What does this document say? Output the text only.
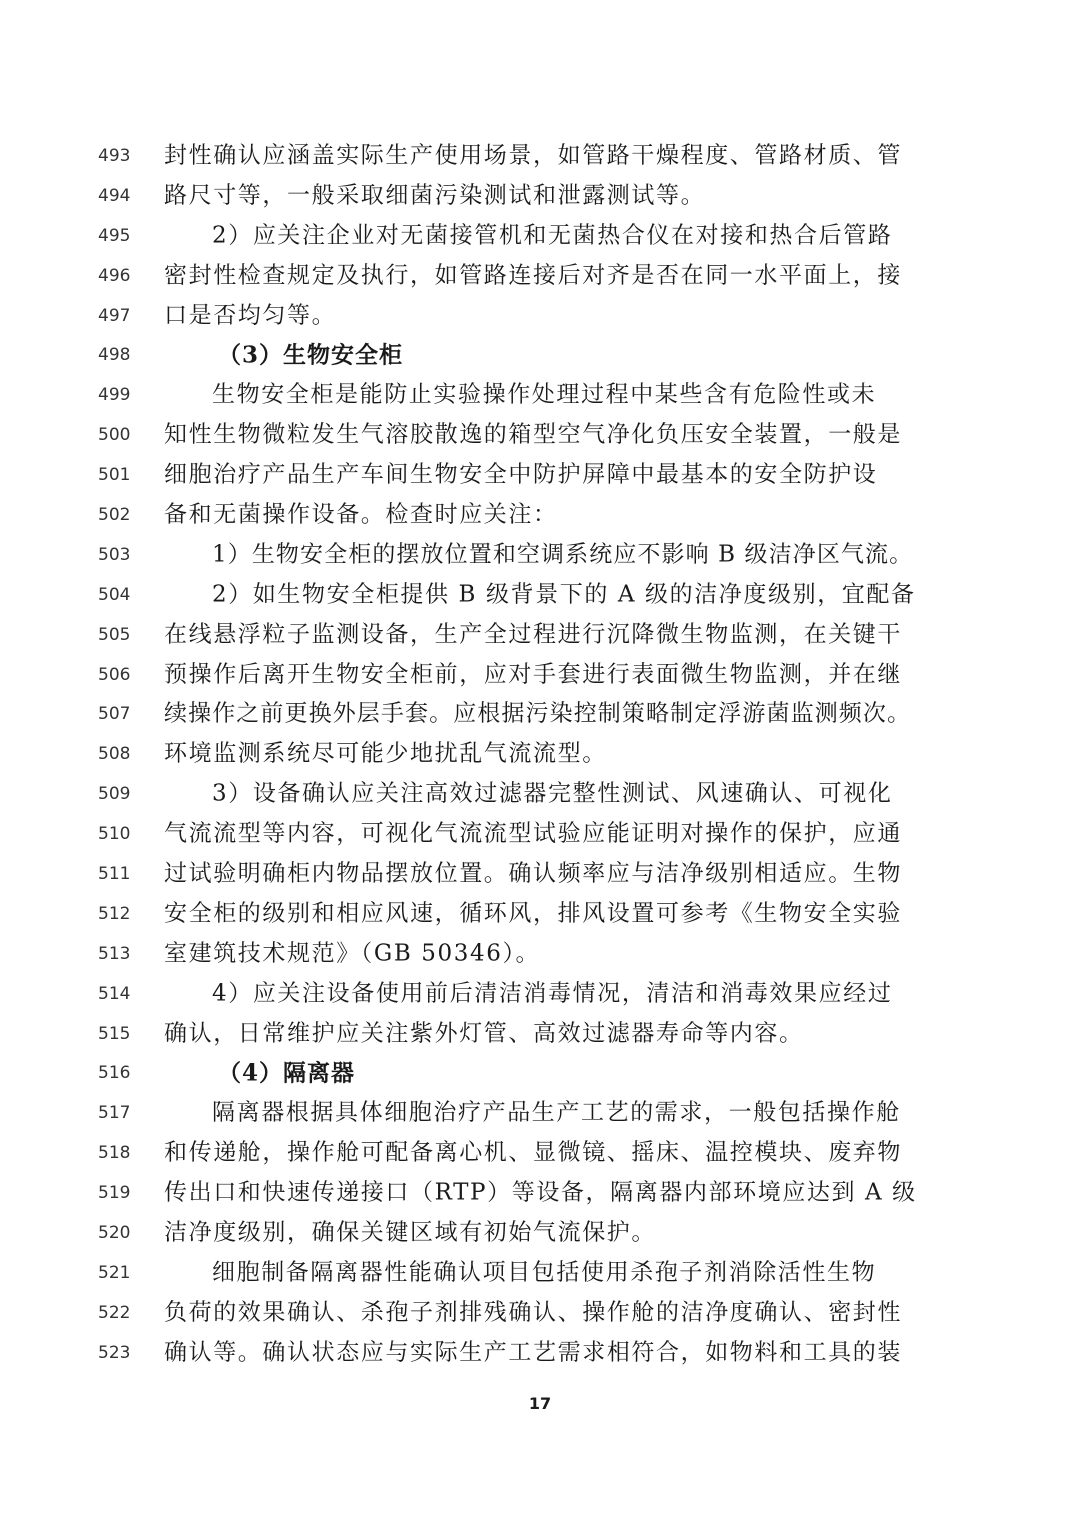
493	封性确认应涵盖实际生产使用场景，如管路干燥程度、管路材质、管
494	路尺寸等，一般采取细菌污染测试和泄露测试等。
495	2）应关注企业对无菌接管机和无菌热合仪在对接和热合后管路
496	密封性检查规定及执行，如管路连接后对齐是否在同一水平面上，接
497	口是否均匀等。
498	（3）生物安全柜
499	生物安全柜是能防止实验操作处理过程中某些含有危险性或未
500	知性生物微粒发生气溶胶散逸的箱型空气净化负压安全装置，一般是
501	细胞治疗产品生产车间生物安全中防护屏障中最基本的安全防护设
502	备和无菌操作设备。检查时应关注：
503	1）生物安全柜的摆放位置和空调系统应不影响 B 级洁净区气流。
504	2）如生物安全柜提供 B 级背景下的 A 级的洁净度级别，宜配备
505	在线悬浮粒子监测设备，生产全过程进行沉降微生物监测，在关键干
506	预操作后离开生物安全柜前，应对手套进行表面微生物监测，并在继
507	续操作之前更换外层手套。应根据污染控制策略制定浮游菌监测频次。
508	环境监测系统尽可能少地扰乱气流流型。
509	3）设备确认应关注高效过滤器完整性测试、风速确认、可视化
510	气流流型等内容，可视化气流流型试验应能证明对操作的保护，应通
511	过试验明确柜内物品摆放位置。确认频率应与洁净级别相适应。生物
512	安全柜的级别和相应风速，循环风，排风设置可参考《生物安全实验
513	室建筑技术规范》（GB 50346）。
514	4）应关注设备使用前后清洁消毒情况，清洁和消毒效果应经过
515	确认，日常维护应关注紫外灯管、高效过滤器寿命等内容。
516	（4）隔离器
517	隔离器根据具体细胞治疗产品生产工艺的需求，一般包括操作舱
518	和传递舱，操作舱可配备离心机、显微镜、摇床、温控模块、废弃物
519	传出口和快速传递接口（RTP）等设备，隔离器内部环境应达到 A 级
520	洁净度级别，确保关键区域有初始气流保护。
521	细胞制备隔离器性能确认项目包括使用杀孢子剂消除活性生物
522	负荷的效果确认、杀孢子剂排残确认、操作舱的洁净度确认、密封性
523	确认等。确认状态应与实际生产工艺需求相符合，如物料和工具的装
17
